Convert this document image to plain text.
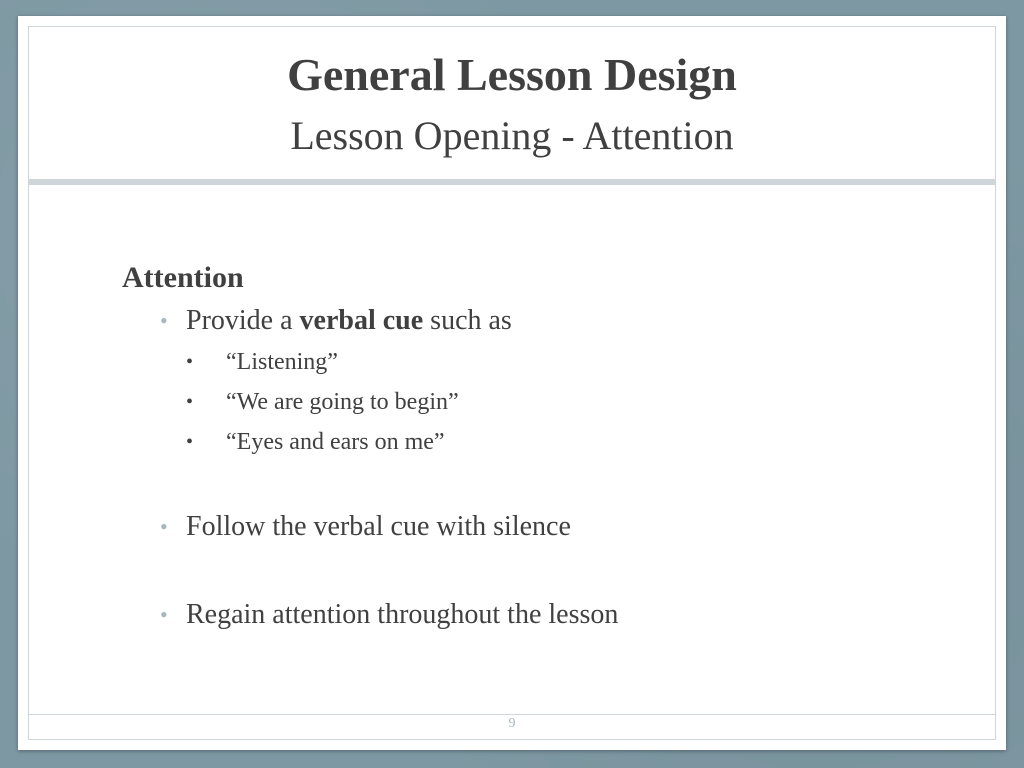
General Lesson Design
Lesson Opening - Attention
Attention
• Provide a verbal cue such as
• “Listening”
• “We are going to begin”
• “Eyes and ears on me”
• Follow the verbal cue with silence
• Regain attention throughout the lesson
9
